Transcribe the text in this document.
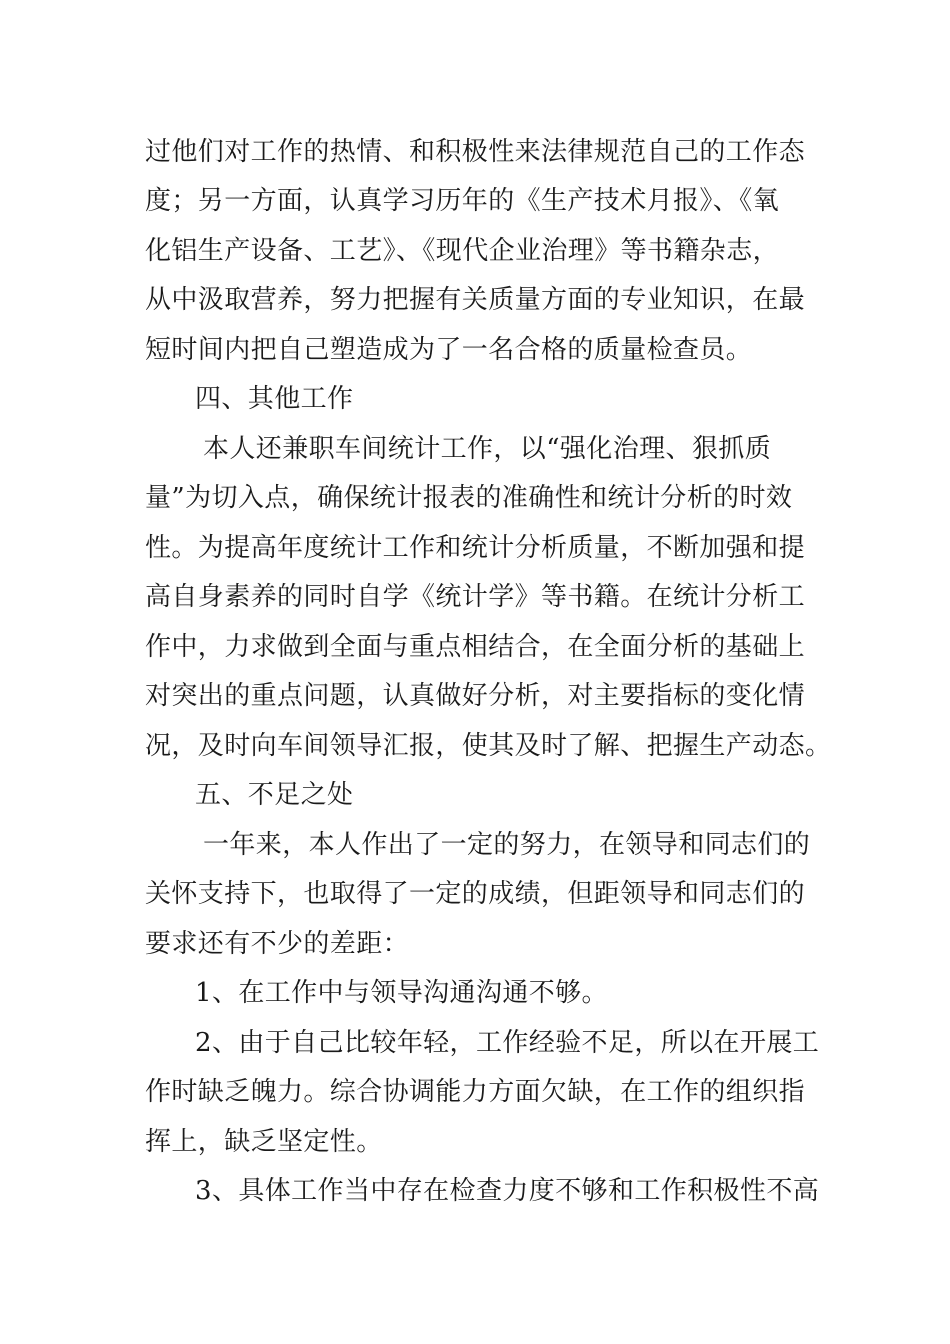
过他们对工作的热情、和积极性来法律规范自己的工作态
度；另一方面，认真学习历年的《生产技术月报》、《氧
化铝生产设备、工艺》、《现代企业治理》等书籍杂志，
从中汲取营养，努力把握有关质量方面的专业知识，在最
短时间内把自己塑造成为了一名合格的质量检查员。
四、其他工作
本人还兼职车间统计工作，以“强化治理、狠抓质
量”为切入点，确保统计报表的准确性和统计分析的时效
性。为提高年度统计工作和统计分析质量，不断加强和提
高自身素养的同时自学《统计学》等书籍。在统计分析工
作中，力求做到全面与重点相结合，在全面分析的基础上
对突出的重点问题，认真做好分析，对主要指标的变化情
况，及时向车间领导汇报，使其及时了解、把握生产动态。
五、不足之处
一年来，本人作出了一定的努力，在领导和同志们的
关怀支持下，也取得了一定的成绩，但距领导和同志们的
要求还有不少的差距：
1、在工作中与领导沟通沟通不够。
2、由于自己比较年轻，工作经验不足，所以在开展工
作时缺乏魄力。综合协调能力方面欠缺，在工作的组织指
挥上，缺乏坚定性。
3、具体工作当中存在检查力度不够和工作积极性不高
